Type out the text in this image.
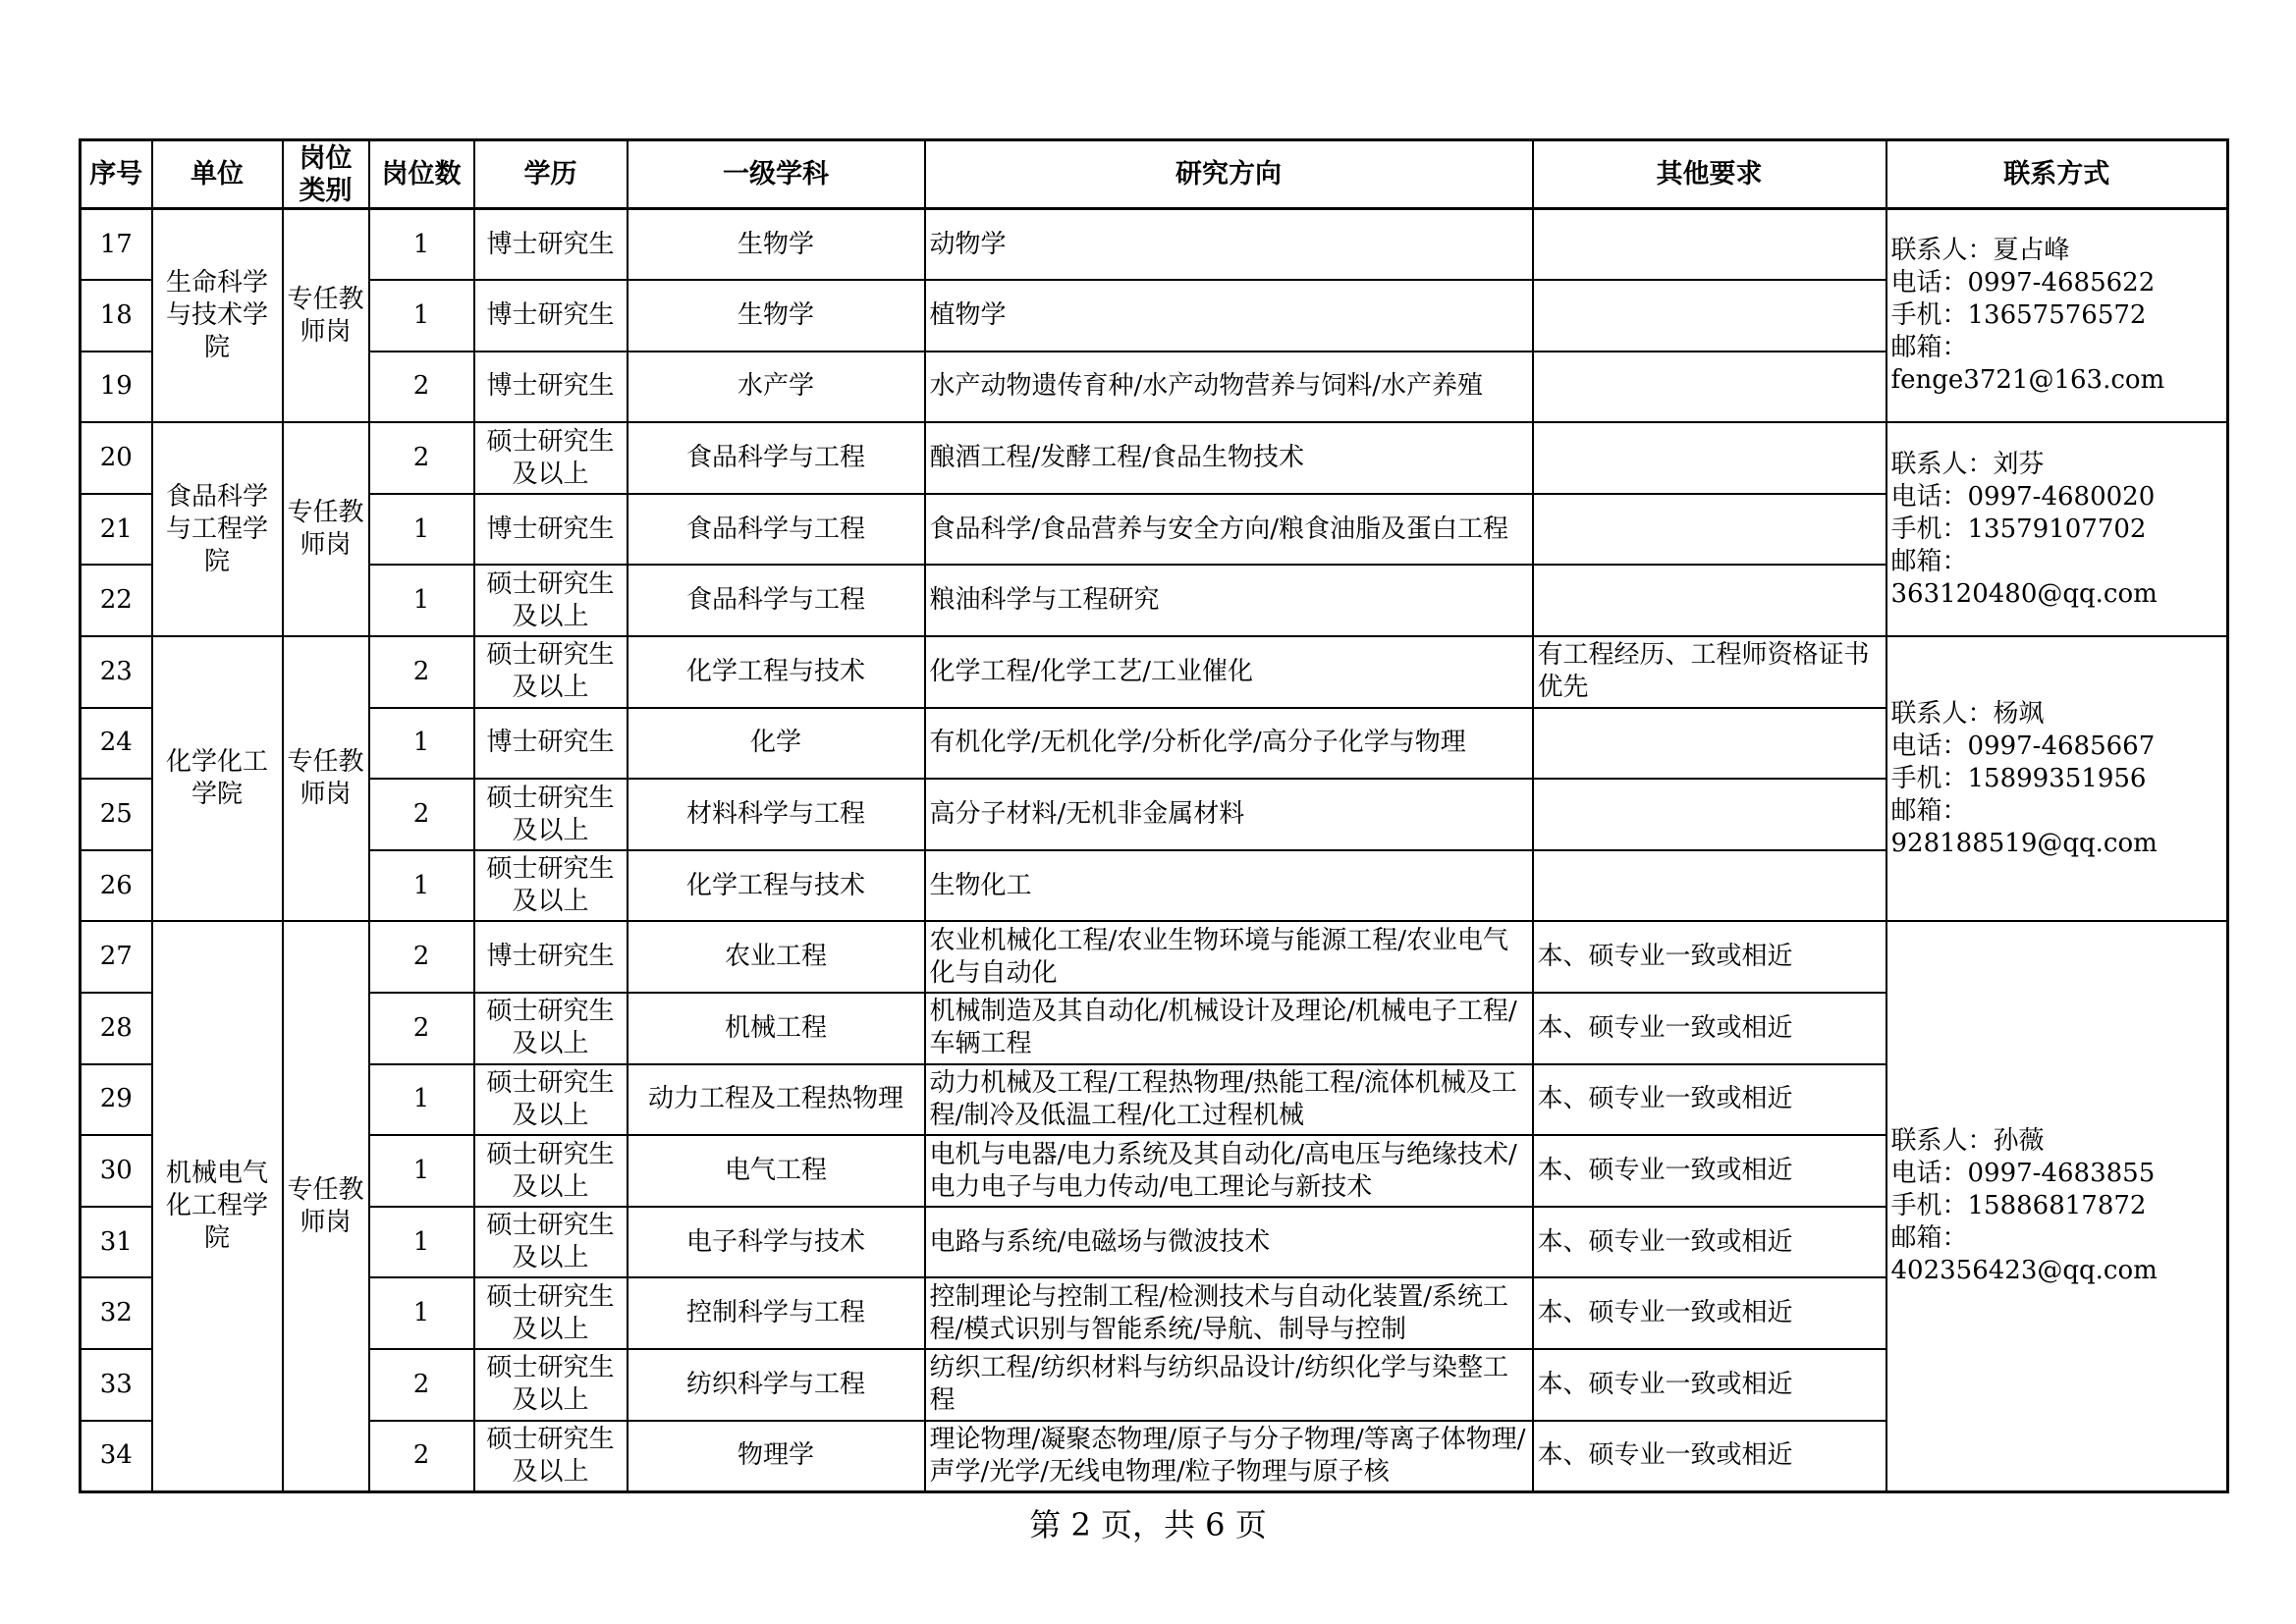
序号	单位	岗位类别	岗位数	学历	一级学科	研究方向	其他要求	联系方式
17	生命科学与技术学院	专任教师岗	1	博士研究生	生物学	动物学		联系人：夏占峰
电话：0997-4685622
手机：13657576572
邮箱：fenge3721@163.com
18			1	博士研究生	生物学	植物学		
19			2	博士研究生	水产学	水产动物遗传育种/水产动物营养与饲料/水产养殖		
20	食品科学与工程学院	专任教师岗	2	硕士研究生及以上	食品科学与工程	酿酒工程/发酵工程/食品生物技术		联系人：刘芬
电话：0997-4680020
手机：13579107702
邮箱：363120480@qq.com
21			1	博士研究生	食品科学与工程	食品科学/食品营养与安全方向/粮食油脂及蛋白工程		
22			1	硕士研究生及以上	食品科学与工程	粮油科学与工程研究		
23	化学化工学院	专任教师岗	2	硕士研究生及以上	化学工程与技术	化学工程/化学工艺/工业催化	有工程经历、工程师资格证书优先	联系人：杨飒
电话：0997-4685667
手机：15899351956
邮箱：928188519@qq.com
24			1	博士研究生	化学	有机化学/无机化学/分析化学/高分子化学与物理		
25			2	硕士研究生及以上	材料科学与工程	高分子材料/无机非金属材料		
26			1	硕士研究生及以上	化学工程与技术	生物化工		
27	机械电气化工程学院	专任教师岗	2	博士研究生	农业工程	农业机械化工程/农业生物环境与能源工程/农业电气化与自动化	本、硕专业一致或相近	联系人：孙薇
电话：0997-4683855
手机：15886817872
邮箱：402356423@qq.com
28			2	硕士研究生及以上	机械工程	机械制造及其自动化/机械设计及理论/机械电子工程/车辆工程	本、硕专业一致或相近	
29			1	硕士研究生及以上	动力工程及工程热物理	动力机械及工程/工程热物理/热能工程/流体机械及工程/制冷及低温工程/化工过程机械	本、硕专业一致或相近	
30			1	硕士研究生及以上	电气工程	电机与电器/电力系统及其自动化/高电压与绝缘技术/电力电子与电力传动/电工理论与新技术	本、硕专业一致或相近	
31			1	硕士研究生及以上	电子科学与技术	电路与系统/电磁场与微波技术	本、硕专业一致或相近	
32			1	硕士研究生及以上	控制科学与工程	控制理论与控制工程/检测技术与自动化装置/系统工程/模式识别与智能系统/导航、制导与控制	本、硕专业一致或相近	
33			2	硕士研究生及以上	纺织科学与工程	纺织工程/纺织材料与纺织品设计/纺织化学与染整工程	本、硕专业一致或相近	
34			2	硕士研究生及以上	物理学	理论物理/凝聚态物理/原子与分子物理/等离子体物理/声学/光学/无线电物理/粒子物理与原子核	本、硕专业一致或相近	
第 2 页，共 6 页
